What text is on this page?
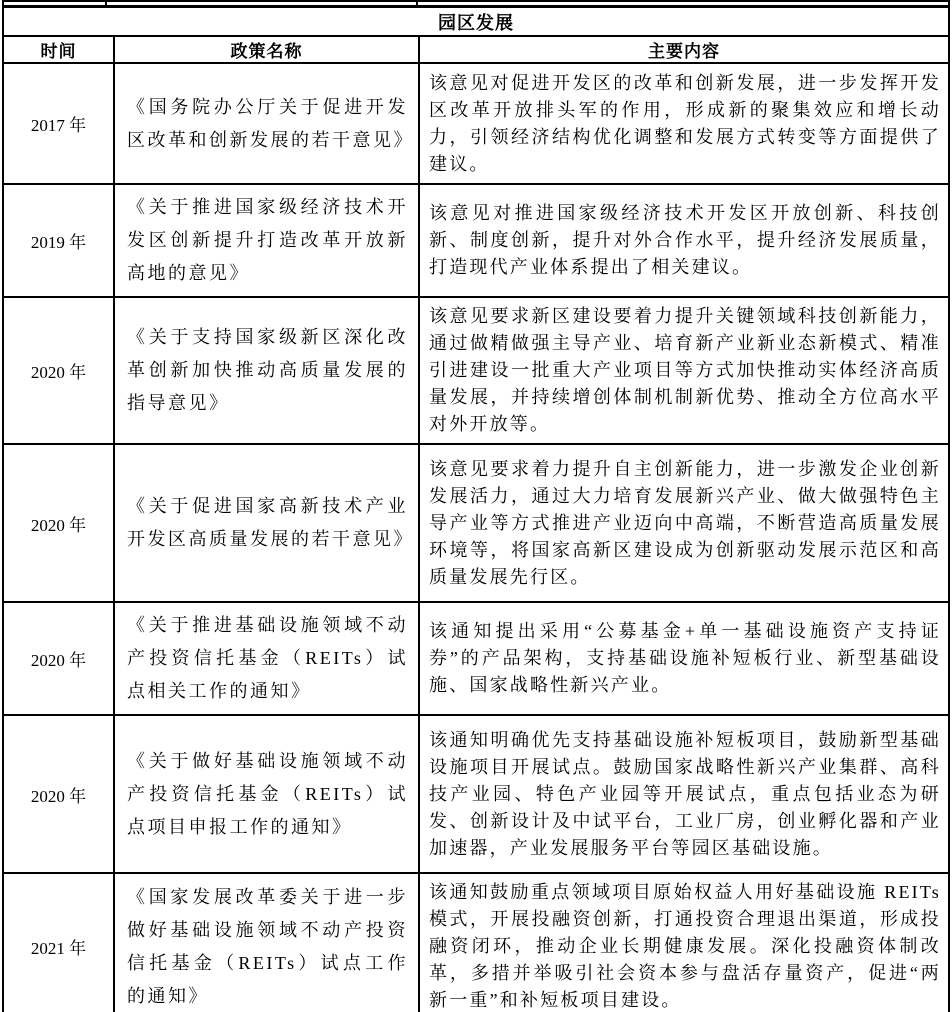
园区发展
时间	政策名称	主要内容
2017 年
《国务院办公厅关于促进开发区改革和创新发展的若干意见》
该意见对促进开发区的改革和创新发展，进一步发挥开发区改革开放排头军的作用，形成新的聚集效应和增长动力，引领经济结构优化调整和发展方式转变等方面提供了建议。
2019 年
《关于推进国家级经济技术开发区创新提升打造改革开放新高地的意见》
该意见对推进国家级经济技术开发区开放创新、科技创新、制度创新，提升对外合作水平，提升经济发展质量，打造现代产业体系提出了相关建议。
2020 年
《关于支持国家级新区深化改革创新加快推动高质量发展的指导意见》
该意见要求新区建设要着力提升关键领域科技创新能力，通过做精做强主导产业、培育新产业新业态新模式、精准引进建设一批重大产业项目等方式加快推动实体经济高质量发展，并持续增创体制机制新优势、推动全方位高水平对外开放等。
2020 年
《关于促进国家高新技术产业开发区高质量发展的若干意见》
该意见要求着力提升自主创新能力，进一步激发企业创新发展活力，通过大力培育发展新兴产业、做大做强特色主导产业等方式推进产业迈向中高端，不断营造高质量发展环境等，将国家高新区建设成为创新驱动发展示范区和高质量发展先行区。
2020 年
《关于推进基础设施领域不动产投资信托基金（REITs）试点相关工作的通知》
该通知提出采用“公募基金+单一基础设施资产支持证券”的产品架构，支持基础设施补短板行业、新型基础设施、国家战略性新兴产业。
2020 年
《关于做好基础设施领域不动产投资信托基金（REITs）试点项目申报工作的通知》
该通知明确优先支持基础设施补短板项目，鼓励新型基础设施项目开展试点。鼓励国家战略性新兴产业集群、高科技产业园、特色产业园等开展试点，重点包括业态为研发、创新设计及中试平台，工业厂房，创业孵化器和产业加速器，产业发展服务平台等园区基础设施。
2021 年
《国家发展改革委关于进一步做好基础设施领域不动产投资信托基金（REITs）试点工作的通知》
该通知鼓励重点领域项目原始权益人用好基础设施 REITs 模式，开展投融资创新，打通投资合理退出渠道，形成投融资闭环，推动企业长期健康发展。深化投融资体制改革，多措并举吸引社会资本参与盘活存量资产，促进“两新一重”和补短板项目建设。
